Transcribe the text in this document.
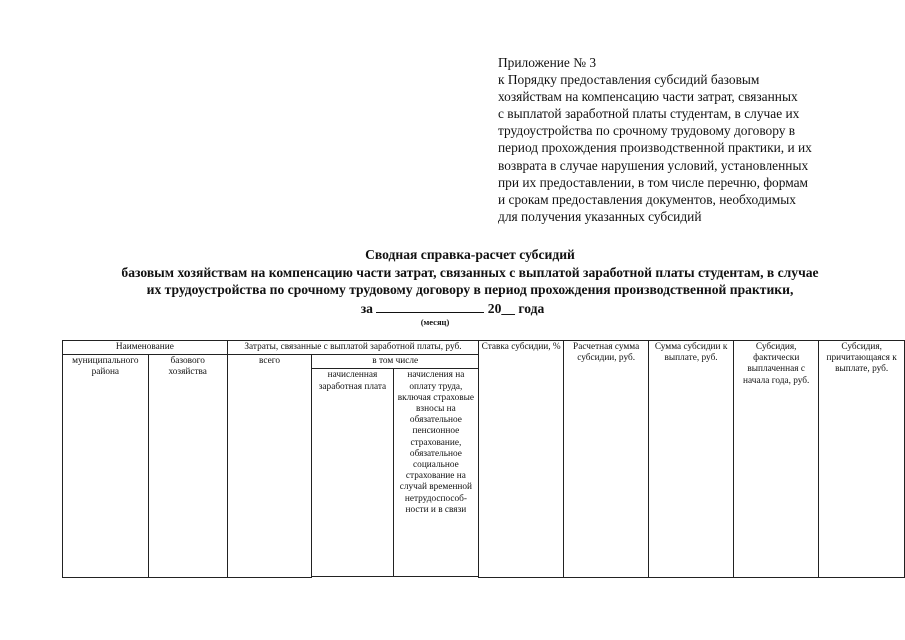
Приложение № 3
к Порядку предоставления субсидий базовым
хозяйствам на компенсацию части затрат, связанных
с выплатой заработной платы студентам, в случае их
трудоустройства по срочному трудовому договору в
период прохождения производственной практики, и их
возврата в случае нарушения условий, установленных
при их предоставлении, в том числе перечню, формам
и срокам предоставления документов, необходимых
для получения указанных субсидий
Сводная справка-расчет субсидий
базовым хозяйствам на компенсацию части затрат, связанных с выплатой заработной платы студентам, в случае
их трудоустройства по срочному трудовому договору в период прохождения производственной практики,
за	20__ года
(месяц)
Наименование		Затраты, связанные с выплатой заработной платы, руб.			Ставка субсидии, %	Расчетная сумма субсидии, руб.	Сумма субсидии к выплате, руб.	Субсидия, фактически выплаченная с начала года, руб.	Субсидия, причитающаяся к выплате, руб.
муниципального района	базового хозяйства	всего	в том числе						
			начисленная заработная плата	начисления на оплату труда, включая страховые взносы на обязательное пенсионное страхование, обязательное социальное страхование на случай временной нетрудоспособ-ности и в связи					
